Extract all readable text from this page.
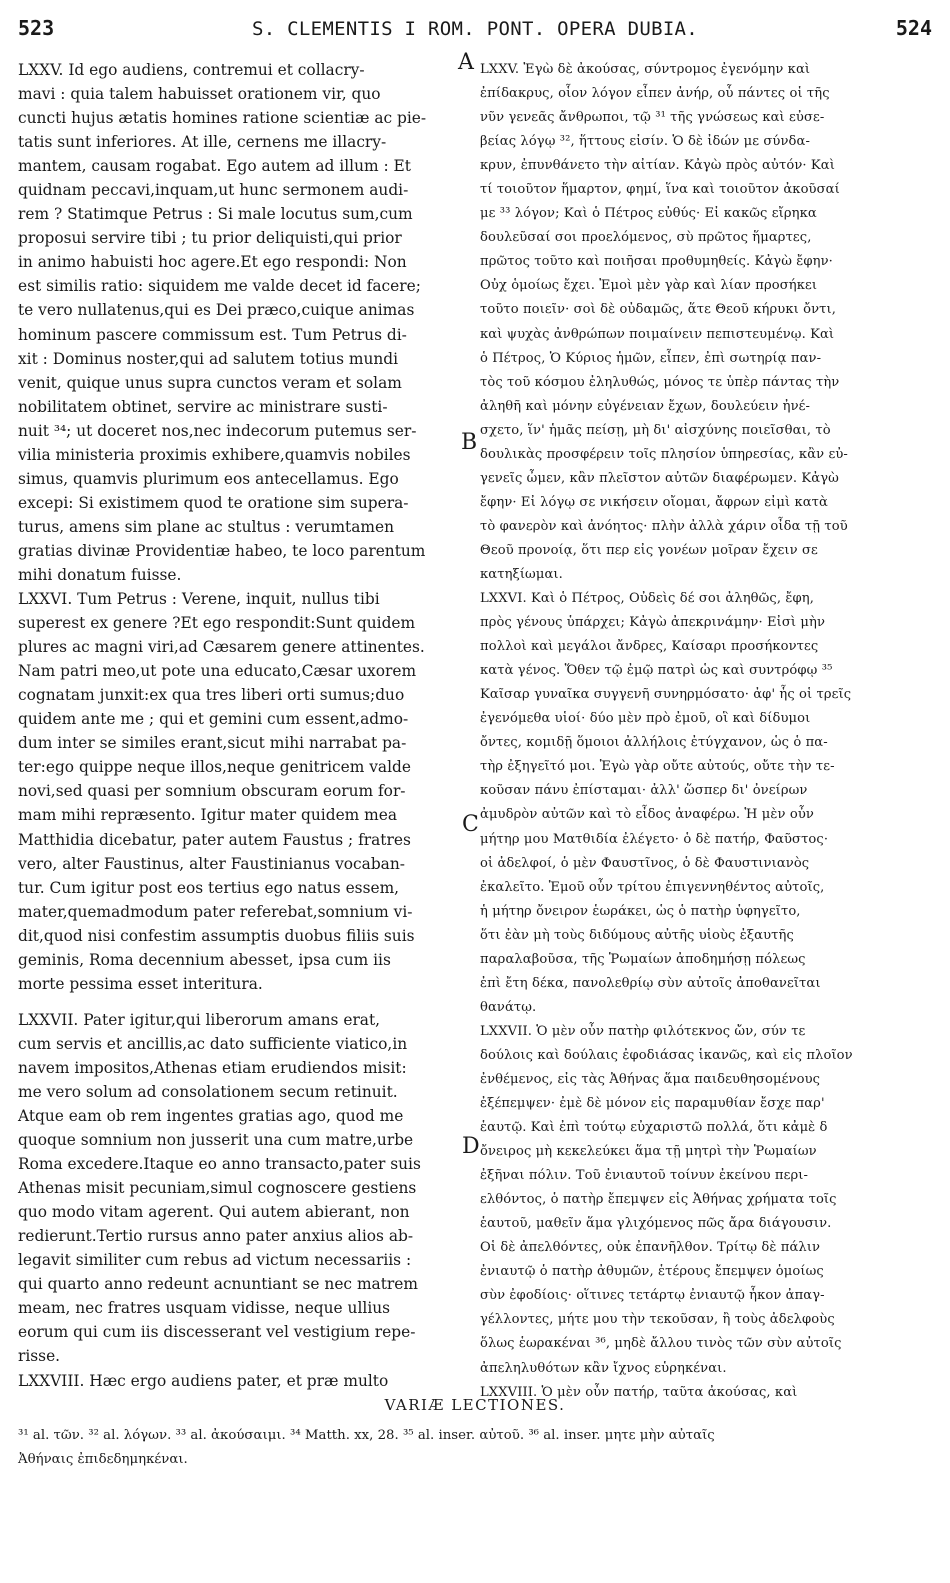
523	S. CLEMENTIS I ROM. PONT. OPERA DUBIA.	524
LXXV. Id ego audiens, contremui et collacry-
mavi : quia talem habuisset orationem vir, quo
cuncti hujus ætatis homines ratione scientiæ ac pie-
tatis sunt inferiores. At ille, cernens me illacry-
mantem, causam rogabat. Ego autem ad illum : Et
quidnam peccavi,inquam,ut hunc sermonem audi-
rem ? Statimque Petrus : Si male locutus sum,cum
proposui servire tibi ; tu prior deliquisti,qui prior
in animo habuisti hoc agere.Et ego respondi: Non
est similis ratio: siquidem me valde decet id facere;
te vero nullatenus,qui es Dei præco,cuique animas
hominum pascere commissum est. Tum Petrus di-
xit : Dominus noster,qui ad salutem totius mundi
venit, quique unus supra cunctos veram et solam
nobilitatem obtinet, servire ac ministrare susti-
nuit ³⁴; ut doceret nos,nec indecorum putemus ser-
vilia ministeria proximis exhibere,quamvis nobiles
simus, quamvis plurimum eos antecellamus. Ego
excepi: Si existimem quod te oratione sim supera-
turus, amens sim plane ac stultus : verumtamen
gratias divinæ Providentiæ habeo, te loco parentum
mihi donatum fuisse.
LXXVI. Tum Petrus : Verene, inquit, nullus tibi
superest ex genere ?Et ego respondit:Sunt quidem
plures ac magni viri,ad Cæsarem genere attinentes.
Nam patri meo,ut pote una educato,Cæsar uxorem
cognatam junxit:ex qua tres liberi orti sumus;duo
quidem ante me ; qui et gemini cum essent,admo-
dum inter se similes erant,sicut mihi narrabat pa-
ter:ego quippe neque illos,neque genitricem valde
novi,sed quasi per somnium obscuram eorum for-
mam mihi repræsento. Igitur mater quidem mea
Matthidia dicebatur, pater autem Faustus ; fratres
vero, alter Faustinus, alter Faustinianus vocaban-
tur. Cum igitur post eos tertius ego natus essem,
mater,quemadmodum pater referebat,somnium vi-
dit,quod nisi confestim assumptis duobus filiis suis
geminis, Roma decennium abesset, ipsa cum iis
morte pessima esset interitura.
LXXVII. Pater igitur,qui liberorum amans erat,
cum servis et ancillis,ac dato sufficiente viatico,in
navem impositos,Athenas etiam erudiendos misit:
me vero solum ad consolationem secum retinuit.
Atque eam ob rem ingentes gratias ago, quod me
quoque somnium non jusserit una cum matre,urbe
Roma excedere.Itaque eo anno transacto,pater suis
Athenas misit pecuniam,simul cognoscere gestiens
quo modo vitam agerent. Qui autem abierant, non
redierunt.Tertio rursus anno pater anxius alios ab-
legavit similiter cum rebus ad victum necessariis :
qui quarto anno redeunt acnuntiant se nec matrem
meam, nec fratres usquam vidisse, neque ullius
eorum qui cum iis discesserant vel vestigium repe-
risse.
LXXVIII. Hæc ergo audiens pater, et præ multo
LXXV. Ἐγὼ δὲ ἀκούσας, σύντρομος ἐγενόμην καὶ
ἐπίδακρυς, οἷον λόγον εἶπεν ἀνήρ, οὗ πάντες οἱ τῆς
νῦν γενεᾶς ἄνθρωποι, τῷ ³¹ τῆς γνώσεως καὶ εὐσε-
βείας λόγῳ ³², ἥττους εἰσίν. Ὁ δὲ ἰδών με σύνδα-
κρυν, ἐπυνθάνετο τὴν αἰτίαν. Κἀγὼ πρὸς αὐτόν· Καὶ
τί τοιοῦτον ἥμαρτον, φημί, ἵνα καὶ τοιοῦτον ἀκοῦσαί
με ³³ λόγον; Καὶ ὁ Πέτρος εὐθύς· Εἰ κακῶς εἴρηκα
δουλεῦσαί σοι προελόμενος, σὺ πρῶτος ἥμαρτες,
πρῶτος τοῦτο καὶ ποιῆσαι προθυμηθείς. Κἀγὼ ἔφην·
Οὐχ ὁμοίως ἔχει. Ἐμοὶ μὲν γὰρ καὶ λίαν προσήκει
τοῦτο ποιεῖν· σοὶ δὲ οὐδαμῶς, ἅτε Θεοῦ κήρυκι ὄντι,
καὶ ψυχὰς ἀνθρώπων ποιμαίνειν πεπιστευμένῳ. Καὶ
ὁ Πέτρος, Ὁ Κύριος ἡμῶν, εἶπεν, ἐπὶ σωτηρίᾳ παν-
τὸς τοῦ κόσμου ἐληλυθώς, μόνος τε ὑπὲρ πάντας τὴν
ἀληθῆ καὶ μόνην εὐγένειαν ἔχων, δουλεύειν ἠνέ-
σχετο, ἵν' ἡμᾶς πείσῃ, μὴ δι' αἰσχύνης ποιεῖσθαι, τὸ
δουλικὰς προσφέρειν τοῖς πλησίον ὑπηρεσίας, κἂν εὐ-
γενεῖς ὦμεν, κἂν πλεῖστον αὐτῶν διαφέρωμεν. Κἀγὼ
ἔφην· Εἰ λόγῳ σε νικήσειν οἴομαι, ἄφρων εἰμὶ κατὰ
τὸ φανερὸν καὶ ἀνόητος· πλὴν ἀλλὰ χάριν οἶδα τῇ τοῦ
Θεοῦ προνοίᾳ, ὅτι περ εἰς γονέων μοῖραν ἔχειν σε
κατηξίωμαι.
LXXVI. Καὶ ὁ Πέτρος, Οὐδεὶς δέ σοι ἀληθῶς, ἔφη,
πρὸς γένους ὑπάρχει; Κἀγὼ ἀπεκρινάμην· Εἰσὶ μὴν
πολλοὶ καὶ μεγάλοι ἄνδρες, Καίσαρι προσήκοντες
κατὰ γένος. Ὅθεν τῷ ἐμῷ πατρὶ ὡς καὶ συντρόφῳ ³⁵
Καῖσαρ γυναῖκα συγγενῆ συνηρμόσατο· ἀφ' ἧς οἱ τρεῖς
ἐγενόμεθα υἱοί· δύο μὲν πρὸ ἐμοῦ, οἳ καὶ δίδυμοι
ὄντες, κομιδῇ ὅμοιοι ἀλλήλοις ἐτύγχανον, ὡς ὁ πα-
τὴρ ἐξηγεῖτό μοι. Ἐγὼ γὰρ οὔτε αὐτούς, οὔτε τὴν τε-
κοῦσαν πάνυ ἐπίσταμαι· ἀλλ' ὥσπερ δι' ὀνείρων
ἀμυδρὸν αὐτῶν καὶ τὸ εἶδος ἀναφέρω. Ἡ μὲν οὖν
μήτηρ μου Ματθιδία ἐλέγετο· ὁ δὲ πατήρ, Φαῦστος·
οἱ ἀδελφοί, ὁ μὲν Φαυστῖνος, ὁ δὲ Φαυστινιανὸς
ἐκαλεῖτο. Ἐμοῦ οὖν τρίτου ἐπιγεννηθέντος αὐτοῖς,
ἡ μήτηρ ὄνειρον ἑωράκει, ὡς ὁ πατὴρ ὑφηγεῖτο,
ὅτι ἐὰν μὴ τοὺς διδύμους αὐτῆς υἱοὺς ἐξαυτῆς
παραλαβοῦσα, τῆς Ῥωμαίων ἀποδημήσῃ πόλεως
ἐπὶ ἔτη δέκα, πανολεθρίῳ σὺν αὐτοῖς ἀποθανεῖται
θανάτῳ.
LXXVII. Ὁ μὲν οὖν πατὴρ φιλότεκνος ὤν, σύν τε
δούλοις καὶ δούλαις ἐφοδιάσας ἱκανῶς, καὶ εἰς πλοῖον
ἐνθέμενος, εἰς τὰς Ἀθήνας ἅμα παιδευθησομένους
ἐξέπεμψεν· ἐμὲ δὲ μόνον εἰς παραμυθίαν ἔσχε παρ'
ἑαυτῷ. Καὶ ἐπὶ τούτῳ εὐχαριστῶ πολλά, ὅτι κἀμὲ δ
ὄνειρος μὴ κεκελεύκει ἅμα τῇ μητρὶ τὴν Ῥωμαίων
ἐξῆναι πόλιν. Τοῦ ἐνιαυτοῦ τοίνυν ἐκείνου περι-
ελθόντος, ὁ πατὴρ ἔπεμψεν εἰς Ἀθήνας χρήματα τοῖς
ἑαυτοῦ, μαθεῖν ἅμα γλιχόμενος πῶς ἄρα διάγουσιν.
Οἱ δὲ ἀπελθόντες, οὐκ ἐπανῆλθον. Τρίτῳ δὲ πάλιν
ἐνιαυτῷ ὁ πατὴρ ἀθυμῶν, ἑτέρους ἔπεμψεν ὁμοίως
σὺν ἐφοδίοις· οἵτινες τετάρτῳ ἐνιαυτῷ ἧκον ἀπαγ-
γέλλοντες, μήτε μου τὴν τεκοῦσαν, ἢ τοὺς ἀδελφοὺς
ὅλως ἑωρακέναι ³⁶, μηδὲ ἄλλου τινὸς τῶν σὺν αὐτοῖς
ἀπεληλυθότων κἂν ἴχνος εὑρηκέναι.
LXXVIII. Ὁ μὲν οὖν πατήρ, ταῦτα ἀκούσας, καὶ
A
B
C
D
VARIÆ LECTIONES.
³¹ al. τῶν. ³² al. λόγων. ³³ al. ἀκούσαιμι. ³⁴ Matth. xx, 28. ³⁵ al. inser. αὐτοῦ. ³⁶ al. inser. μητε μὴν αὐταῖς
Ἀθήναις ἐπιδεδημηκέναι.
